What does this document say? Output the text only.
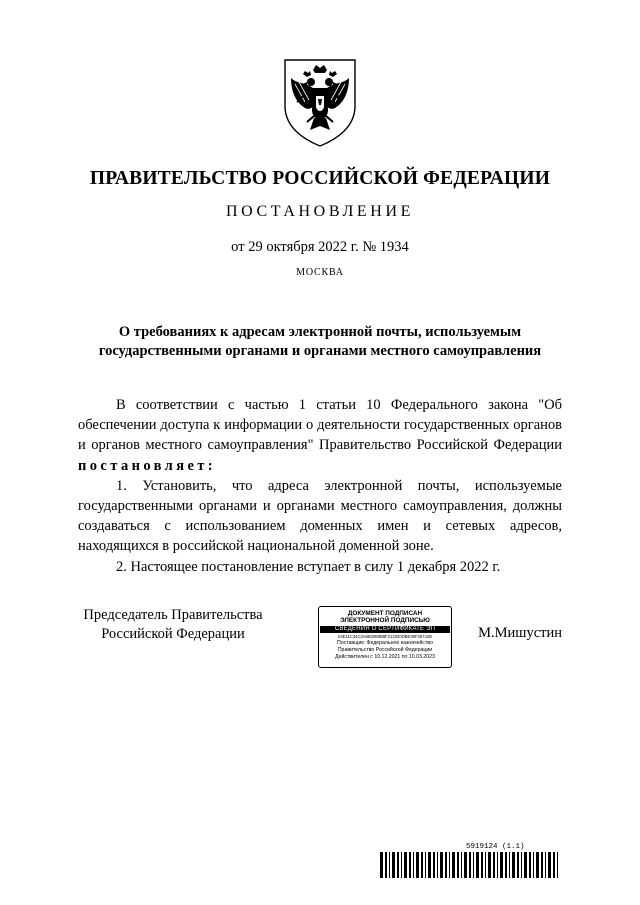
ПРАВИТЕЛЬСТВО РОССИЙСКОЙ ФЕДЕРАЦИИ
ПОСТАНОВЛЕНИЕ
от 29 октября 2022 г. № 1934
МОСКВА
О требованиях к адресам электронной почты, используемым государственными органами и органами местного самоуправления

В соответствии с частью 1 статьи 10 Федерального закона "Об обеспечении доступа к информации о деятельности государственных органов и органов местного самоуправления" Правительство Российской Федерации постановляет:

1. Установить, что адреса электронной почты, используемые государственными органами и органами местного самоуправления, должны создаваться с использованием доменных имен и сетевых адресов, находящихся в российской национальной доменной зоне.

2. Настоящее постановление вступает в силу 1 декабря 2022 г.

Председатель Правительства
Российской Федерации
ДОКУМЕНТ ПОДПИСАН
ЭЛЕКТРОННОЙ ПОДПИСЬЮ
СВЕДЕНИЯ О СЕРТИФИКАТЕ ЭП
04E11C34C3A6B3969B8F213320DBE39F29742B
Поставщик: Федеральное казначейство
Правительство Российской Федерации
Действителен с 10.12.2021 по 10.03.2023
М.Мишустин
5919124 (1.1)
